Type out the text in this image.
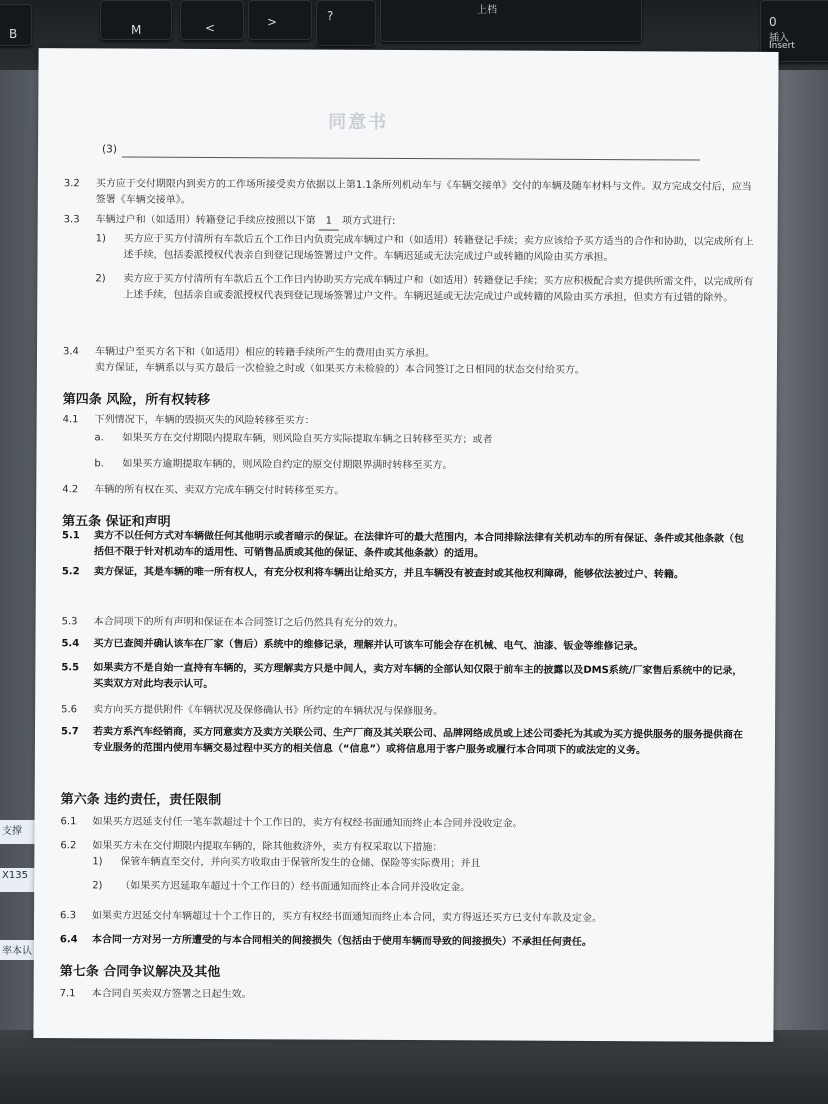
B	M	<	>	?	上档
0
插入
Insert
支撑
X135
率本认
同意书
(3)
3.2	买方应于交付期限内到卖方的工作场所接受卖方依据以上第1.1条所列机动车与《车辆交接单》交付的车辆及随车材料与文件。双方完成交付后，应当签署《车辆交接单》。
3.3	车辆过户和（如适用）转籍登记手续应按照以下第 1 项方式进行:
1) 买方应于买方付清所有车款后五个工作日内负责完成车辆过户和（如适用）转籍登记手续；卖方应该给予买方适当的合作和协助，以完成所有上述手续，包括委派授权代表亲自到登记现场签署过户文件。车辆迟延或无法完成过户或转籍的风险由买方承担。
2) 卖方应于买方付清所有车款后五个工作日内协助买方完成车辆过户和（如适用）转籍登记手续；买方应积极配合卖方提供所需文件，以完成所有上述手续，包括亲自或委派授权代表到登记现场签署过户文件。车辆迟延或无法完成过户或转籍的风险由买方承担，但卖方有过错的除外。
3.4	车辆过户至买方名下和（如适用）相应的转籍手续所产生的费用由买方承担。
卖方保证，车辆系以与买方最后一次检验之时或（如果买方未检验的）本合同签订之日相同的状态交付给买方。
第四条 风险，所有权转移
4.1	下列情况下，车辆的毁损灭失的风险转移至买方：
a. 如果买方在交付期限内提取车辆，则风险自买方实际提取车辆之日转移至买方；或者
b. 如果买方逾期提取车辆的，则风险自约定的原交付期限界满时转移至买方。
4.2	车辆的所有权在买、卖双方完成车辆交付时转移至买方。
第五条 保证和声明
5.1	卖方不以任何方式对车辆做任何其他明示或者暗示的保证。在法律许可的最大范围内，本合同排除法律有关机动车的所有保证、条件或其他条款（包括但不限于针对机动车的适用性、可销售品质或其他的保证、条件或其他条款）的适用。
5.2	卖方保证，其是车辆的唯一所有权人，有充分权利将车辆出让给买方，并且车辆没有被查封或其他权利障碍，能够依法被过户、转籍。
5.3	本合同项下的所有声明和保证在本合同签订之后仍然具有充分的效力。
5.4	买方已查阅并确认该车在厂家（售后）系统中的维修记录，理解并认可该车可能会存在机械、电气、油漆、钣金等维修记录。
5.5	如果卖方不是自始一直持有车辆的，买方理解卖方只是中间人，卖方对车辆的全部认知仅限于前车主的披露以及DMS系统/厂家售后系统中的记录，买卖双方对此均表示认可。
5.6	卖方向买方提供附件《车辆状况及保修确认书》所约定的车辆状况与保修服务。
5.7	若卖方系汽车经销商，买方同意卖方及卖方关联公司、生产厂商及其关联公司、品牌网络成员或上述公司委托为其或为买方提供服务的服务提供商在专业服务的范围内使用车辆交易过程中买方的相关信息（“信息”）或将信息用于客户服务或履行本合同项下的或法定的义务。
第六条 违约责任，责任限制
6.1	如果买方迟延支付任一笔车款超过十个工作日的，卖方有权经书面通知而终止本合同并没收定金。
6.2	如果买方未在交付期限内提取车辆的，除其他救济外，卖方有权采取以下措施：
1) 保管车辆直至交付，并向买方收取由于保管所发生的仓储、保险等实际费用；并且
2) （如果买方迟延取车超过十个工作日的）经书面通知而终止本合同并没收定金。
6.3	如果卖方迟延交付车辆超过十个工作日的，买方有权经书面通知而终止本合同，卖方得返还买方已支付车款及定金。
6.4	本合同一方对另一方所遭受的与本合同相关的间接损失（包括由于使用车辆而导致的间接损失）不承担任何责任。
第七条 合同争议解决及其他
7.1	本合同自买卖双方签署之日起生效。
